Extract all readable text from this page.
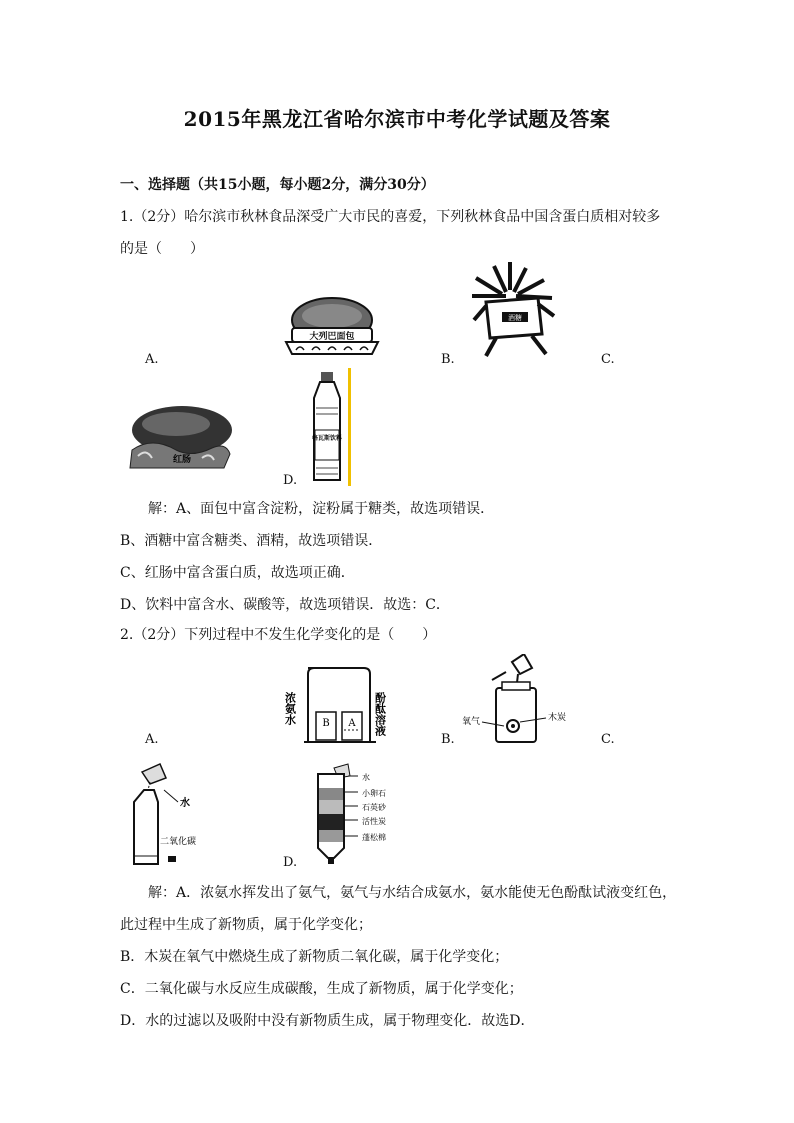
2015年黑龙江省哈尔滨市中考化学试题及答案
一、选择题（共15小题，每小题2分，满分30分）
1.（2分）哈尔滨市秋林食品深受广大市民的喜爱，下列秋林食品中国含蛋白质相对较多
的是（　　）
A.	B.	C.
D.
大列巴面包
酒糖
红肠
格瓦斯饮料
解：A、面包中富含淀粉，淀粉属于糖类，故选项错误．
B、酒糖中富含糖类、酒精，故选项错误．
C、红肠中富含蛋白质，故选项正确．
D、饮料中富含水、碳酸等，故选项错误．故选：C．
2.（2分）下列过程中不发生化学变化的是（　　）
A.	B.	C.
D.
B A
浓氨水	酚酞溶液	氧气	木炭
水
二氧化碳
水
小卵石
石英砂
活性炭
蓬松棉
解：A．浓氨水挥发出了氨气，氨气与水结合成氨水，氨水能使无色酚酞试液变红色，
此过程中生成了新物质，属于化学变化；
B．木炭在氧气中燃烧生成了新物质二氧化碳，属于化学变化；
C．二氧化碳与水反应生成碳酸，生成了新物质，属于化学变化；
D．水的过滤以及吸附中没有新物质生成，属于物理变化．故选D．
